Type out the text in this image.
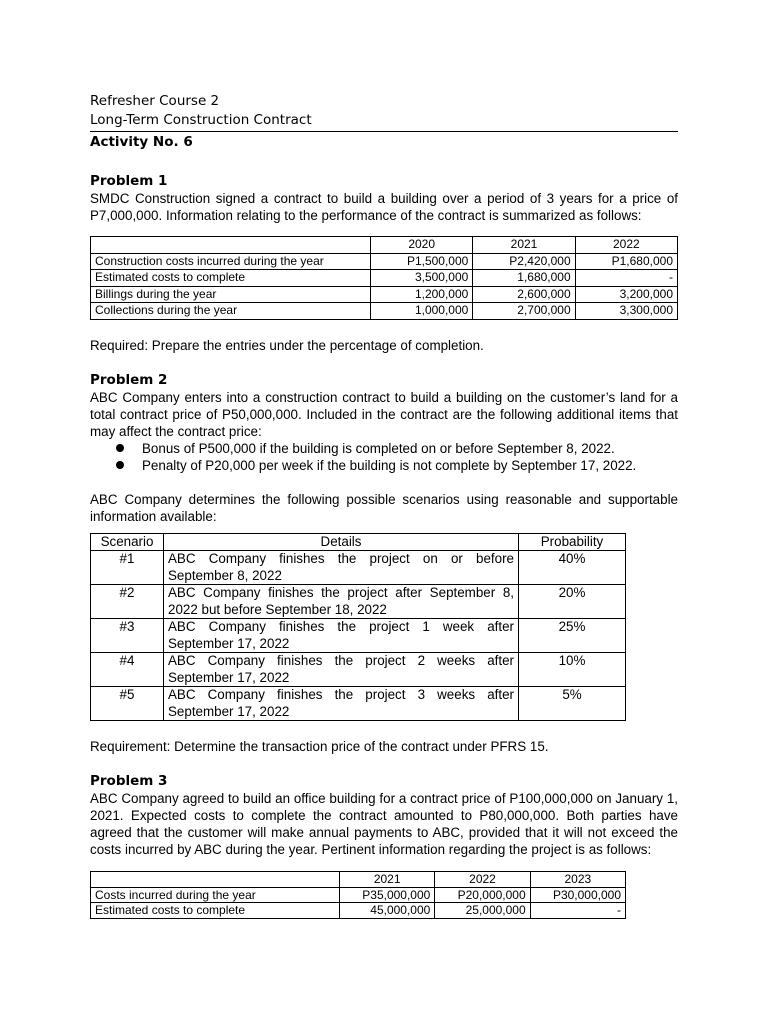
Refresher Course 2
Long-Term Construction Contract
Activity No. 6
Problem 1
SMDC Construction signed a contract to build a building over a period of 3 years for a price of P7,000,000. Information relating to the performance of the contract is summarized as follows:
	2020	2021	2022
Construction costs incurred during the year	P1,500,000	P2,420,000	P1,680,000
Estimated costs to complete	3,500,000	1,680,000	-
Billings during the year	1,200,000	2,600,000	3,200,000
Collections during the year	1,000,000	2,700,000	3,300,000
Required: Prepare the entries under the percentage of completion.
Problem 2
ABC Company enters into a construction contract to build a building on the customer’s land for a total contract price of P50,000,000. Included in the contract are the following additional items that may affect the contract price:
Bonus of P500,000 if the building is completed on or before September 8, 2022.
Penalty of P20,000 per week if the building is not complete by September 17, 2022.
ABC Company determines the following possible scenarios using reasonable and supportable information available:
Scenario	Details	Probability
#1	ABC Company finishes the project on or before September 8, 2022	40%
#2	ABC Company finishes the project after September 8, 2022 but before September 18, 2022	20%
#3	ABC Company finishes the project 1 week after September 17, 2022	25%
#4	ABC Company finishes the project 2 weeks after September 17, 2022	10%
#5	ABC Company finishes the project 3 weeks after September 17, 2022	5%
Requirement: Determine the transaction price of the contract under PFRS 15.
Problem 3
ABC Company agreed to build an office building for a contract price of P100,000,000 on January 1, 2021. Expected costs to complete the contract amounted to P80,000,000. Both parties have agreed that the customer will make annual payments to ABC, provided that it will not exceed the costs incurred by ABC during the year. Pertinent information regarding the project is as follows:
	2021	2022	2023
Costs incurred during the year	P35,000,000	P20,000,000	P30,000,000
Estimated costs to complete	45,000,000	25,000,000	-
